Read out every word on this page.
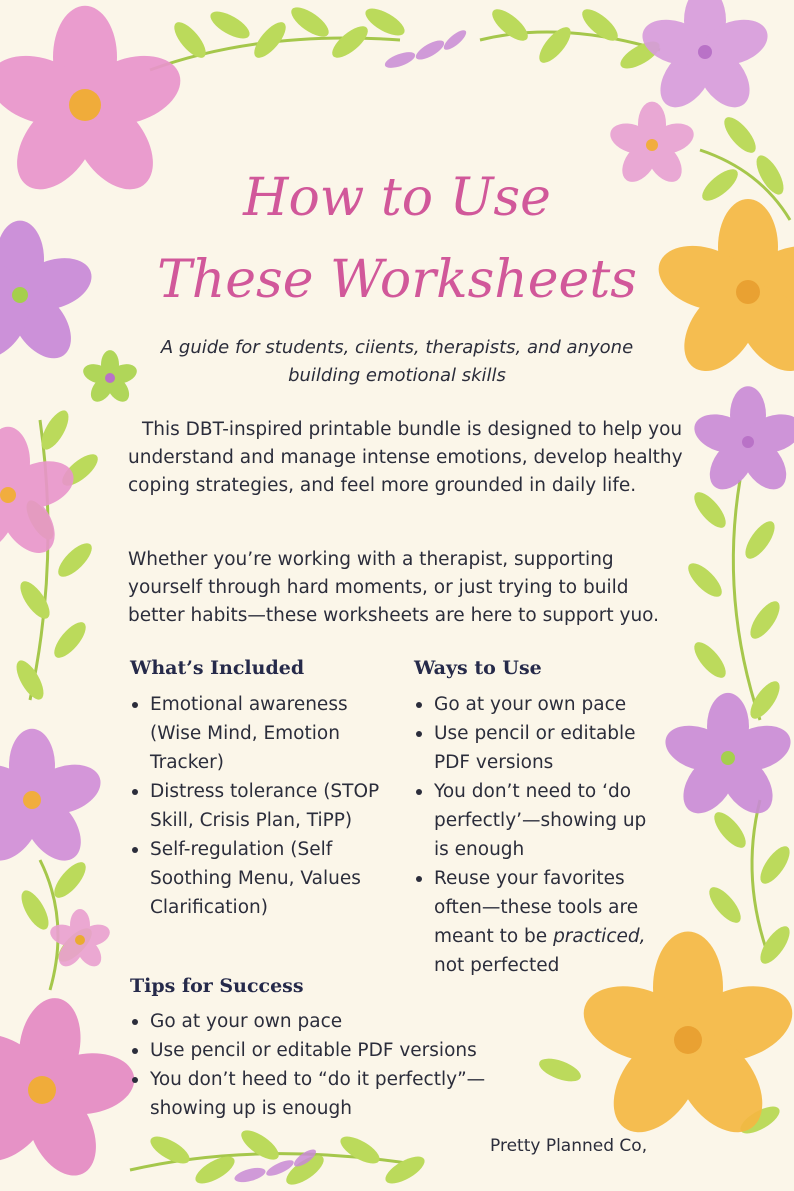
How to Use
These Worksheets

A guide for students, ciients, therapists, and anyone building emotional skills

This DBT-inspired printable bundle is designed to help you understand and manage intense emotions, develop healthy coping strategies, and feel more grounded in daily life.

Whether you’re working with a therapist, supporting yourself through hard moments, or just trying to build better habits—these worksheets are here to support yuo.

What’s Included
Emotional awareness (Wise Mind, Emotion Tracker)
Distress tolerance (STOP Skill, Crisis Plan, TiPP)
Self-regulation (Self Soothing Menu, Values Clarification)
Ways to Use
Go at your own pace
Use pencil or editable PDF versions
You don’t need to ‘do perfectly’—showing up is enough
Reuse your favorites often—these tools are meant to be practiced, not perfected
Tips for Success
Go at your own pace
Use pencil or editable PDF versions
You don’t heed to “do it perfectly”— showing up is enough

Pretty Planned Co,
